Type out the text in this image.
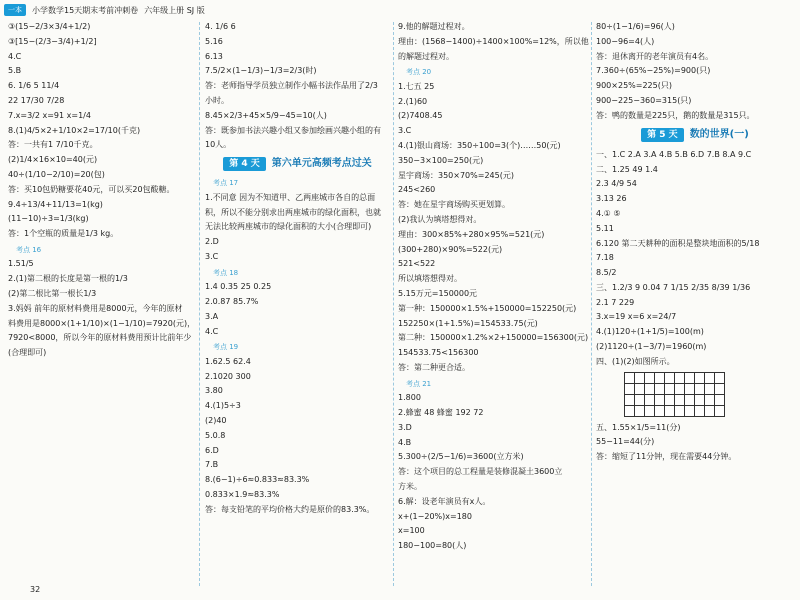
一本	小学数学15天期末考前冲刺卷 六年级上册 SJ 版
③(15−2/3×3/4+1/2)
③[15−(2/3−3/4)+1/2]
4.C
5.B
6. 1/6 5 11/4
22 17/30 7/28
7.x=3/2 x=91 x=1/4
8.(1)4/5×2+1/10×2=17/10(千克)
答：一共有1 7/10千克。
(2)1/4×16×10=40(元)
40÷(1/10−2/10)=20(包)
答：买10包奶糖要花40元，可以买20包酸糖。
9.4÷13/4+11/13=1(kg)
(11−10)÷3=1/3(kg)
答：1个空瓶的质量是1/3 kg。
考点 16
1.51/5
2.(1)第二根的长度是第一根的1/3
(2)第二根比第一根长1/3
3.妈妈 前年的原材料费用是8000元，今年的原材
料费用是8000×(1+1/10)×(1−1/10)=7920(元)，
7920<8000，所以今年的原材料费用预计比前年少
(合理即可)
4. 1/6 6
5.16
6.13
7.5/2×(1−1/3)−1/3=2/3(时)
答：老师指导学员独立制作小幅书法作品用了2/3
小时。
8.45×2/3+45×5/9−45=10(人)
答：既参加书法兴趣小组又参加绘画兴趣小组的有
10人。
第 4 天	第六单元高频考点过关
考点 17
1.不同意 因为不知道甲、乙两座城市各自的总面
积，所以不能分别求出两座城市的绿化面积，也就
无法比较两座城市的绿化面积的大小(合理即可)
2.D
3.C
考点 18
1.4 0.35 25 0.25
2.0.87 85.7%
3.A
4.C
考点 19
1.62.5 62.4
2.1020 300
3.80
4.(1)5÷3
(2)40
5.0.8
6.D
7.B
8.(6−1)÷6≈0.833≈83.3%
0.833×1.9≈83.3%
答：每支铅笔的平均价格大约是原价的83.3%。
9.他的解题过程对。
理由：(1568−1400)÷1400×100%=12%，所以他
的解题过程对。
考点 20
1.七五 25
2.(1)60
(2)7408.45
3.C
4.(1)银山商场：350÷100=3(个)……50(元)
350−3×100=250(元)
星宇商场：350×70%=245(元)
245<260
答：她在星宇商场购买更划算。
(2)我认为填塔想得对。
理由：300×85%+280×95%=521(元)
(300+280)×90%=522(元)
521<522
所以填塔想得对。
5.15万元=150000元
第一种：150000×1.5%+150000=152250(元)
152250×(1+1.5%)=154533.75(元)
第二种：150000×1.2%×2+150000=156300(元)
154533.75<156300
答：第二种更合适。
考点 21
1.800
2.蜂蜜 48 蜂蜜 192 72
3.D
4.B
5.300÷(2/5−1/6)=3600(立方米)
答：这个项目的总工程量是装修混凝土3600立
方米。
6.解：设老年演员有x人。
x+(1−20%)x=180
x=100
180−100=80(人)
80÷(1−1/6)=96(人)
100−96=4(人)
答：退休离开的老年演员有4名。
7.360÷(65%−25%)=900(只)
900×25%=225(只)
900−225−360=315(只)
答：鸭的数量是225只，鹅的数量是315只。
第 5 天	数的世界(一)
一、1.C 2.A 3.A 4.B 5.B 6.D 7.B 8.A 9.C
二、1.25 49 1.4
2.3 4/9 54
3.13 26
4.① ⑤
5.11
6.120 第二天耕种的面积是整块地面积的5/18
7.18
8.5/2
三、1.2/3 9 0.04 7 1/15 2/35 8/39 1/36
2.1 7 229
3.x=19 x=6 x=24/7
4.(1)120÷(1+1/5)=100(m)
(2)1120÷(1−3/7)=1960(m)
四、(1)(2)如图所示。
五、1.55×1/5=11(分)
55−11=44(分)
答：缩短了11分钟，现在需要44分钟。
32
